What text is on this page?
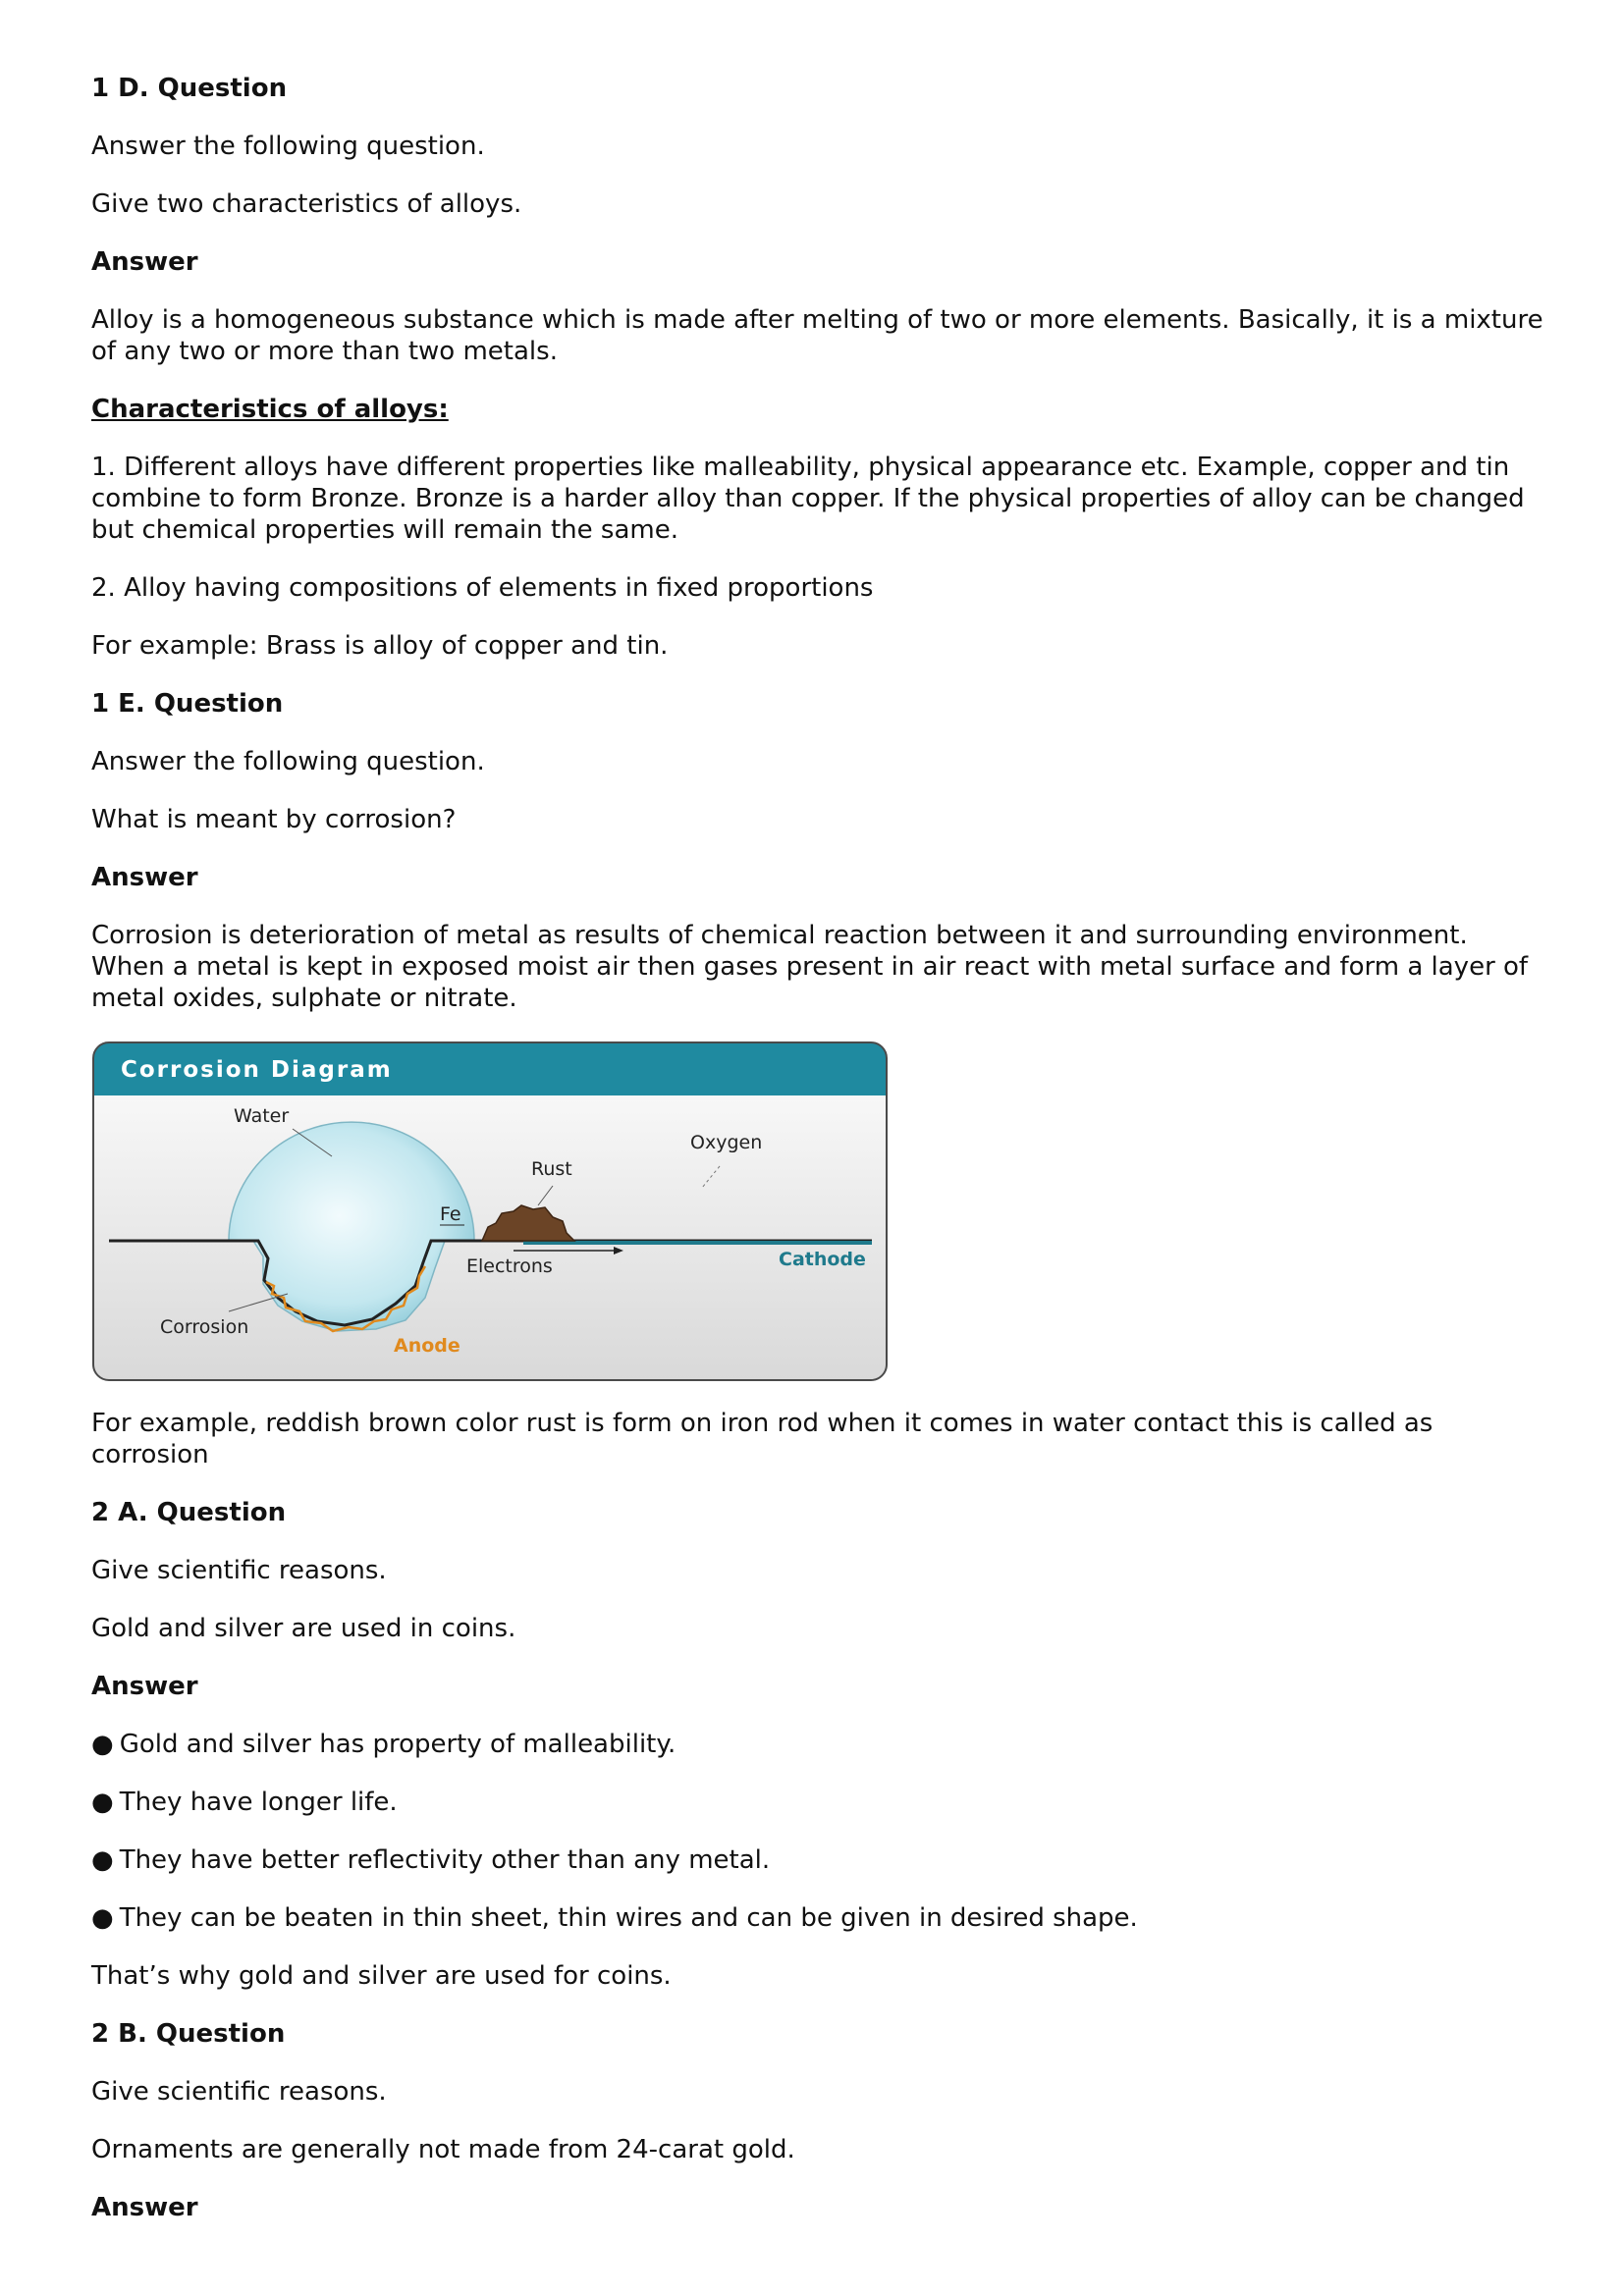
1 D. Question

Answer the following question.

Give two characteristics of alloys.

Answer

Alloy is a homogeneous substance which is made after melting of two or more elements. Basically, it is a mixture of any two or more than two metals.

Characteristics of alloys:

1. Different alloys have different properties like malleability, physical appearance etc. Example, copper and tin combine to form Bronze. Bronze is a harder alloy than copper. If the physical properties of alloy can be changed but chemical properties will remain the same.

2. Alloy having compositions of elements in fixed proportions

For example: Brass is alloy of copper and tin.

1 E. Question

Answer the following question.

What is meant by corrosion?

Answer

Corrosion is deterioration of metal as results of chemical reaction between it and surrounding environment. When a metal is kept in exposed moist air then gases present in air react with metal surface and form a layer of metal oxides, sulphate or nitrate.

Corrosion Diagram
Water
Oxygen
Rust
Fe
Electrons	Cathode
Corrosion
Anode

For example, reddish brown color rust is form on iron rod when it comes in water contact this is called as corrosion

2 A. Question

Give scientific reasons.

Gold and silver are used in coins.

Answer

● Gold and silver has property of malleability.

● They have longer life.

● They have better reflectivity other than any metal.

● They can be beaten in thin sheet, thin wires and can be given in desired shape.

That’s why gold and silver are used for coins.

2 B. Question

Give scientific reasons.

Ornaments are generally not made from 24-carat gold.

Answer
